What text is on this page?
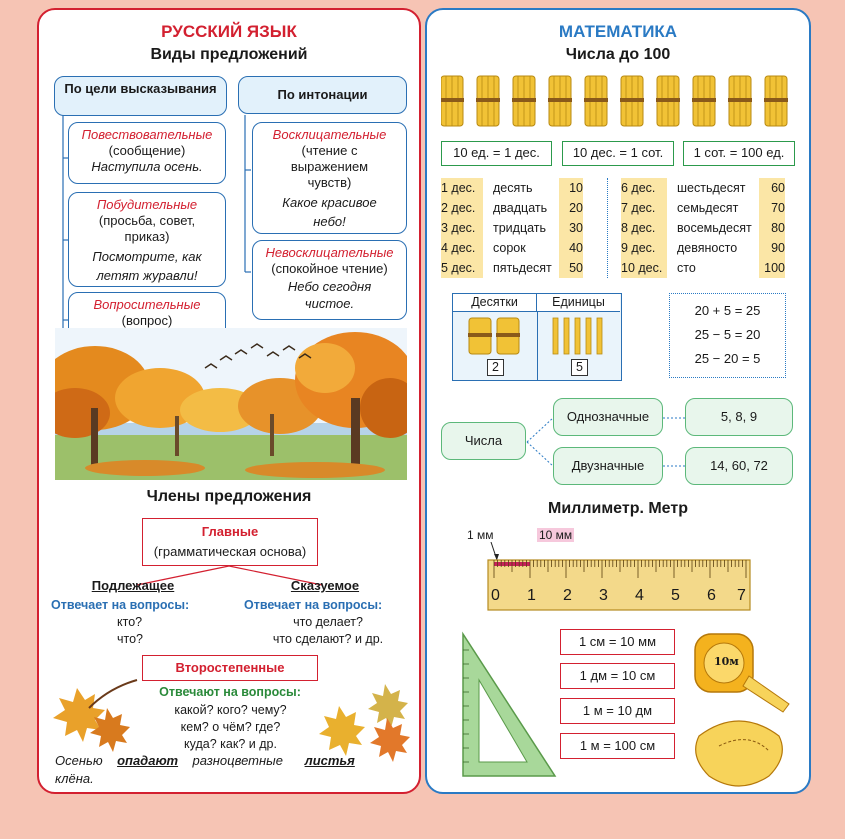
РУССКИЙ ЯЗЫК
Виды предложений
По цели высказывания	По интонации
Повествовательные
(сообщение)
Наступила осень.
Побудительные
(просьба, совет, приказ)
Посмотрите, как летят журавли!
Вопросительные
(вопрос)
Восклицательные
(чтение с выражением чувств)
Какое красивое небо!
Невосклицательные
(спокойное чтение)
Небо сегодня чистое.
Члены предложения
Главные
(грамматическая основа)
Подлежащее
Отвечает на вопросы:
кто?
что?
Сказуемое
Отвечает на вопросы:
что делает?
что сделают? и др.
Второстепенные
Отвечают на вопросы:
какой? кого? чему?
кем? о чём? где?
куда? как? и др.
Осенью опадают разноцветные листья
клёна.
МАТЕМАТИКА
Числа до 100
10 ед. = 1 дес.	10 дес. = 1 сот.	1 сот. = 100 ед.
1 дес. десять	10
2 дес. двадцать 20
3 дес. тридцать 30
4 дес. сорок	40
5 дес. пятьдесят 50
6 дес. шестьдесят 60
7 дес. семьдесят	70
8 дес. восемьдесят 80
9 дес. девяносто	90
10 дес. сто	100
Десятки	Единицы
2	5
20 + 5 = 25
25 − 5 = 20
25 − 20 = 5
Числа
Однозначные	5, 8, 9
Двузначные	14, 60, 72
Миллиметр. Метр
1 мм	10 мм
0 1 2 3 4 5 6 7
1 см = 10 мм
1 дм = 10 см
1 м = 10 дм
1 м = 100 см
10м
